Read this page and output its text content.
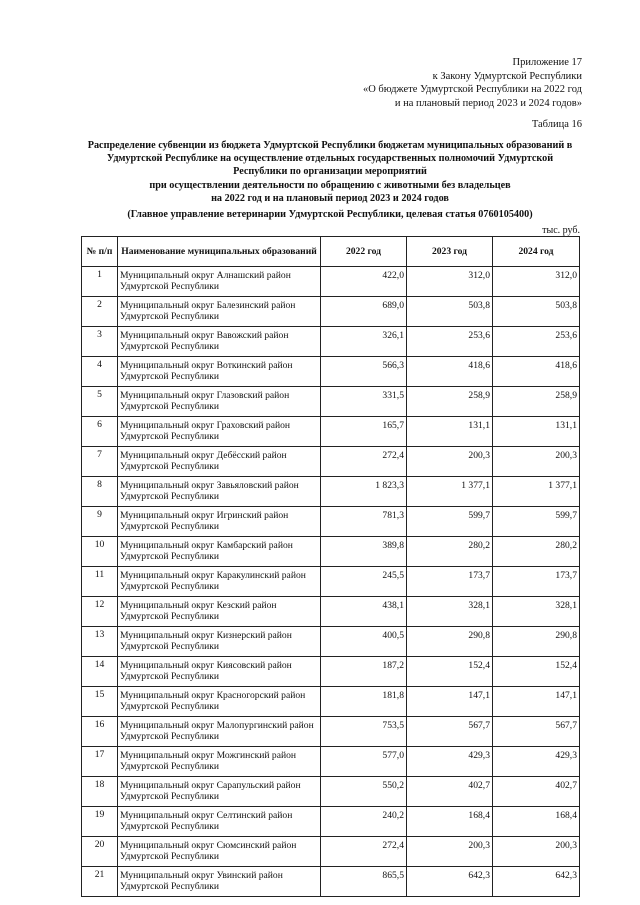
Приложение 17
к Закону Удмуртской Республики
«О бюджете Удмуртской Республики на 2022 год
и на плановый период 2023 и 2024 годов»
Таблица 16
Распределение субвенции из бюджета Удмуртской Республики бюджетам муниципальных образований в
Удмуртской Республике на осуществление отдельных государственных полномочий Удмуртской
Республики по организации мероприятий
при осуществлении деятельности по обращению с животными без владельцев
на 2022 год и на плановый период 2023 и 2024 годов
(Главное управление ветеринарии Удмуртской Республики, целевая статья 0760105400)
тыс. руб.
№ п/п	Наименование муниципальных образований	2022 год	2023 год	2024 год
1	Муниципальный округ Алнашский район Удмуртской Республики	422,0	312,0	312,0
2	Муниципальный округ Балезинский район Удмуртской Республики	689,0	503,8	503,8
3	Муниципальный округ Вавожский район Удмуртской Республики	326,1	253,6	253,6
4	Муниципальный округ Воткинский район Удмуртской Республики	566,3	418,6	418,6
5	Муниципальный округ Глазовский район Удмуртской Республики	331,5	258,9	258,9
6	Муниципальный округ Граховский район Удмуртской Республики	165,7	131,1	131,1
7	Муниципальный округ Дебёсский район Удмуртской Республики	272,4	200,3	200,3
8	Муниципальный округ Завьяловский район Удмуртской Республики	1 823,3	1 377,1	1 377,1
9	Муниципальный округ Игринский район Удмуртской Республики	781,3	599,7	599,7
10	Муниципальный округ Камбарский район Удмуртской Республики	389,8	280,2	280,2
11	Муниципальный округ Каракулинский район Удмуртской Республики	245,5	173,7	173,7
12	Муниципальный округ Кезский район Удмуртской Республики	438,1	328,1	328,1
13	Муниципальный округ Кизнерский район Удмуртской Республики	400,5	290,8	290,8
14	Муниципальный округ Киясовский район Удмуртской Республики	187,2	152,4	152,4
15	Муниципальный округ Красногорский район Удмуртской Республики	181,8	147,1	147,1
16	Муниципальный округ Малопургинский район Удмуртской Республики	753,5	567,7	567,7
17	Муниципальный округ Можгинский район Удмуртской Республики	577,0	429,3	429,3
18	Муниципальный округ Сарапульский район Удмуртской Республики	550,2	402,7	402,7
19	Муниципальный округ Селтинский район Удмуртской Республики	240,2	168,4	168,4
20	Муниципальный округ Сюмсинский район Удмуртской Республики	272,4	200,3	200,3
21	Муниципальный округ Увинский район Удмуртской Республики	865,5	642,3	642,3
